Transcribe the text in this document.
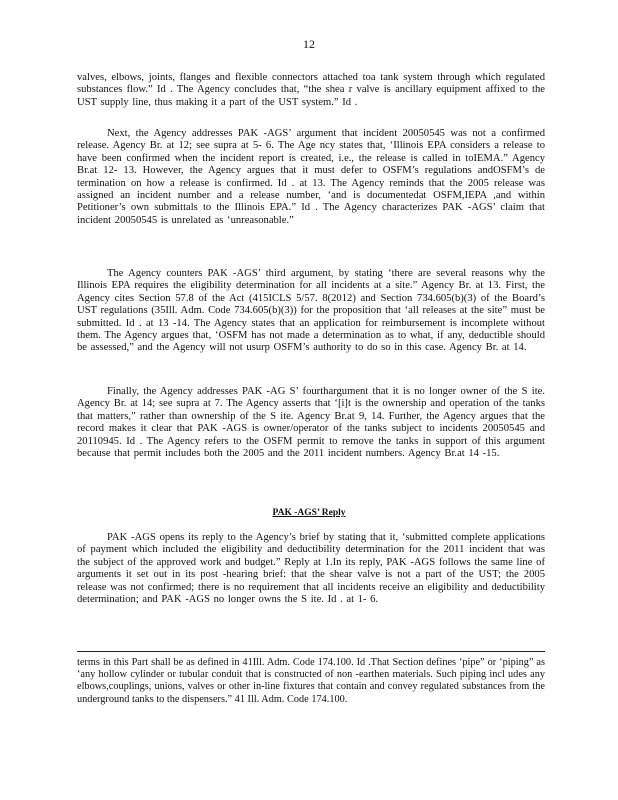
12

valves, elbows, joints, flanges and flexible connectors attached toa tank system through which regulated substances flow.” Id . The Agency concludes that, “the shea r valve is ancillary equipment affixed to the UST supply line, thus making it a part of the UST system.” Id .

Next, the Agency addresses PAK -AGS’ argument that incident 20050545 was not a confirmed release. Agency Br. at 12; see supra at 5- 6. The Age ncy states that, ‘Illinois EPA considers a release to have been confirmed when the incident report is created, i.e., the release is called in toIEMA.” Agency Br.at 12- 13. However, the Agency argues that it must defer to OSFM’s regulations andOSFM’s de termination on how a release is confirmed. Id . at 13. The Agency reminds that the 2005 release was assigned an incident number and a release number, ‘and is documentedat OSFM,IEPA ,and within Petitioner’s own submittals to the Illinois EPA.” Id . The Agency characterizes PAK -AGS’ claim that incident 20050545 is unrelated as ‘unreasonable.”

The Agency counters PAK -AGS’ third argument, by stating ‘there are several reasons why the Illinois EPA requires the eligibility determination for all incidents at a site.” Agency Br. at 13. First, the Agency cites Section 57.8 of the Act (415ICLS 5/57. 8(2012) and Section 734.605(b)(3) of the Board’s UST regulations (35Ill. Adm. Code 734.605(b)(3)) for the proposition that ‘all releases at the site” must be submitted. Id . at 13 -14. The Agency states that an application for reimbursement is incomplete without them. The Agency argues that, ‘OSFM has not made a determination as to what, if any, deductible should be assessed,” and the Agency will not usurp OSFM’s authority to do so in this case. Agency Br. at 14.

Finally, the Agency addresses PAK -AG S’ fourthargument that it is no longer owner of the S ite. Agency Br. at 14; see supra at 7. The Agency asserts that ‘[i]t is the ownership and operation of the tanks that matters,” rather than ownership of the S ite. Agency Br.at 9, 14. Further, the Agency argues that the record makes it clear that PAK -AGS is owner/operator of the tanks subject to incidents 20050545 and 20110945. Id . The Agency refers to the OSFM permit to remove the tanks in support of this argument because that permit includes both the 2005 and the 2011 incident numbers. Agency Br.at 14 -15.

PAK -AGS’ Reply

PAK -AGS opens its reply to the Agency’s brief by stating that it, ‘submitted complete applications of payment which included the eligibility and deductibility determination for the 2011 incident that was the subject of the approved work and budget.” Reply at 1.In its reply, PAK -AGS follows the same line of arguments it set out in its post -hearing brief: that the shear valve is not a part of the UST; the 2005 release was not confirmed; there is no requirement that all incidents receive an eligibility and deductibility determination; and PAK -AGS no longer owns the S ite. Id . at 1- 6.

terms in this Part shall be as defined in 41Ill. Adm. Code 174.100. Id .That Section defines ‘pipe” or ‘piping” as ‘any hollow cylinder or tubular conduit that is constructed of non -earthen materials. Such piping incl udes any elbows,couplings, unions, valves or other in-line fixtures that contain and convey regulated substances from the underground tanks to the dispensers.” 41 Ill. Adm. Code 174.100.
